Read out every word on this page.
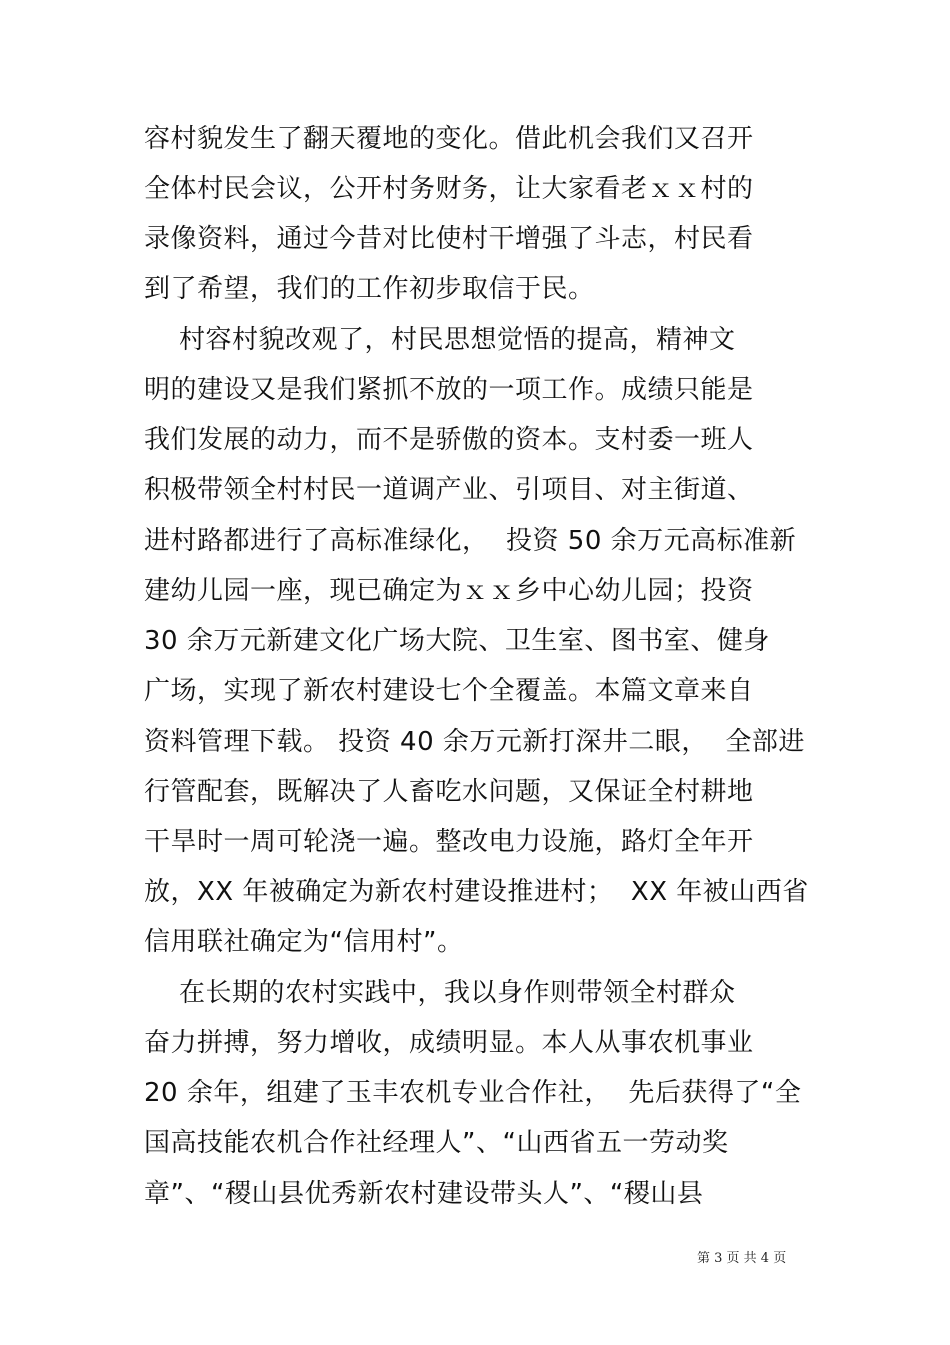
容村貌发生了翻天覆地的变化。借此机会我们又召开
全体村民会议，公开村务财务，让大家看老ｘｘ村的
录像资料，通过今昔对比使村干增强了斗志，村民看
到了希望，我们的工作初步取信于民。
村容村貌改观了，村民思想觉悟的提高，精神文
明的建设又是我们紧抓不放的一项工作。成绩只能是
我们发展的动力，而不是骄傲的资本。支村委一班人
积极带领全村村民一道调产业、引项目、对主街道、
进村路都进行了高标准绿化，  投资 50 余万元高标准新
建幼儿园一座，现已确定为ｘｘ乡中心幼儿园；投资
30 余万元新建文化广场大院、卫生室、图书室、健身
广场，实现了新农村建设七个全覆盖。本篇文章来自
资料管理下载。 投资 40 余万元新打深井二眼，  全部进
行管配套，既解决了人畜吃水问题，又保证全村耕地
干旱时一周可轮浇一遍。整改电力设施，路灯全年开
放，XX 年被确定为新农村建设推进村；  XX 年被山西省
信用联社确定为“信用村”。
在长期的农村实践中，我以身作则带领全村群众
奋力拼搏，努力增收，成绩明显。本人从事农机事业
20 余年，组建了玉丰农机专业合作社，  先后获得了“全
国高技能农机合作社经理人”、“山西省五一劳动奖
章”、“稷山县优秀新农村建设带头人”、“稷山县
第 3 页 共 4 页
